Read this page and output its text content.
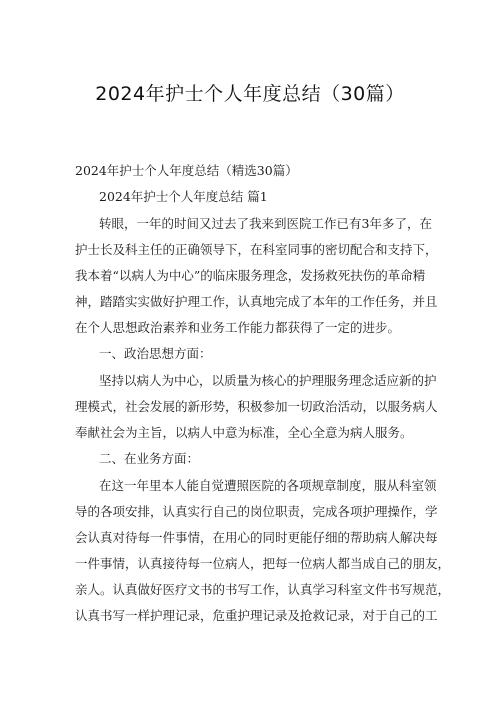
2024年护士个人年度总结（30篇）
2024年护士个人年度总结（精选30篇）
2024年护士个人年度总结 篇1
转眼，一年的时间又过去了我来到医院工作已有3年多了，在
护士长及科主任的正确领导下，在科室同事的密切配合和支持下，
我本着“以病人为中心”的临床服务理念，发扬救死扶伤的革命精
神，踏踏实实做好护理工作，认真地完成了本年的工作任务，并且
在个人思想政治素养和业务工作能力都获得了一定的进步。
一、政治思想方面：
坚持以病人为中心，以质量为核心的护理服务理念适应新的护
理模式，社会发展的新形势，积极参加一切政治活动，以服务病人
奉献社会为主旨，以病人中意为标准，全心全意为病人服务。
二、在业务方面：
在这一年里本人能自觉遭照医院的各项规章制度，服从科室领
导的各项安排，认真实行自己的岗位职责，完成各项护理操作，学
会认真对待每一件事情，在用心的同时更能仔细的帮助病人解决每
一件事情，认真接待每一位病人，把每一位病人都当成自己的朋友，
亲人。认真做好医疗文书的书写工作，认真学习科室文件书写规范，
认真书写一样护理记录，危重护理记录及抢救记录，对于自己的工
